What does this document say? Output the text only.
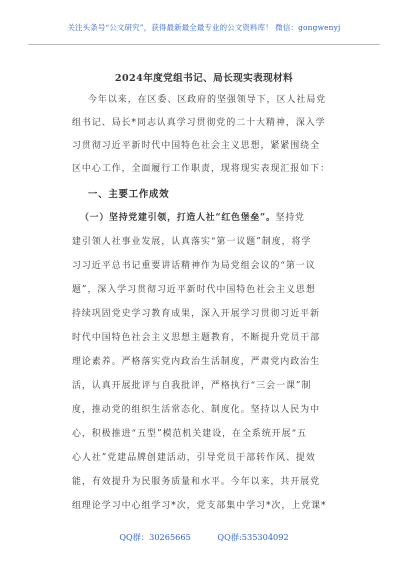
关注头条号“公文研究”，获得最新最全最专业的公文资料库！ 微信：gongwenyj
2024年度党组书记、局长现实表现材料
今年以来，在区委、区政府的坚强领导下，区人社局党
组书记、局长*同志认真学习贯彻党的二十大精神，深入学
习贯彻习近平新时代中国特色社会主义思想，紧紧围绕全
区中心工作，全面履行工作职责，现将现实表现汇报如下：
一、主要工作成效
（一）坚持党建引领，打造人社“红色堡垒”。坚持党
建引领人社事业发展，认真落实“第一议题”制度，将学
习习近平总书记重要讲话精神作为局党组会议的“第一议
题”，深入学习贯彻习近平新时代中国特色社会主义思想
持续巩固党史学习教育成果，深入开展学习贯彻习近平新
时代中国特色社会主义思想主题教育，不断提升党员干部
理论素养。严格落实党内政治生活制度，严肃党内政治生
活，认真开展批评与自我批评，严格执行“三会一课”制
度，推动党的组织生活常态化、制度化。坚持以人民为中
心，积极推进“五型”模范机关建设，在全系统开展“五
心人社”党建品牌创建活动，引导党员干部转作风、提效
能，有效提升为民服务质量和水平。今年以来，共开展党
组理论学习中心组学习*次，党支部集中学习*次，上党课*
QQ群：30265665	QQ群:535304092
